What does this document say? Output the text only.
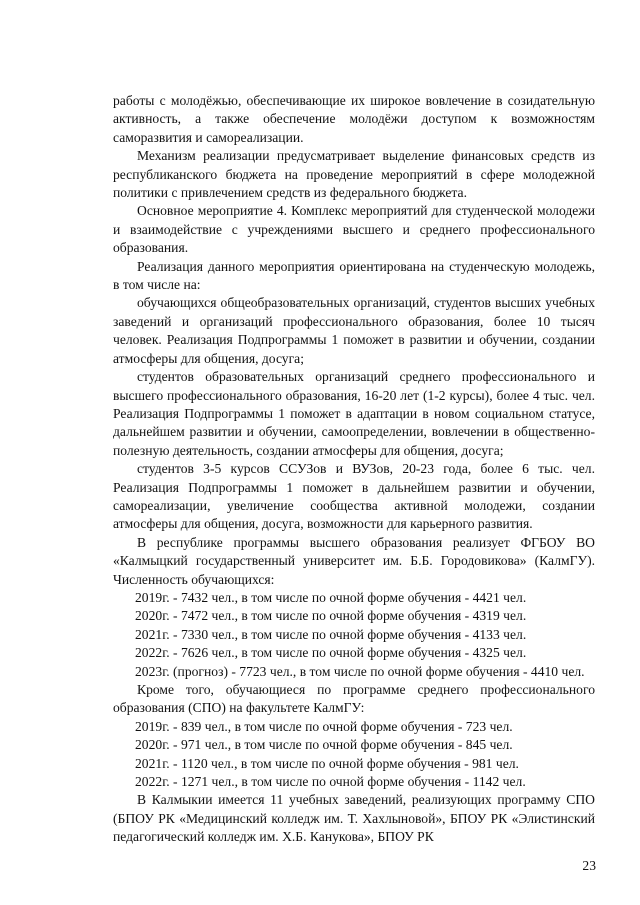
работы с молодёжью, обеспечивающие их широкое вовлечение в созидательную активность, а также обеспечение молодёжи доступом к возможностям саморазвития и самореализации.

Механизм реализации предусматривает выделение финансовых средств из республиканского бюджета на проведение мероприятий в сфере молодежной политики с привлечением средств из федерального бюджета.

Основное мероприятие 4. Комплекс мероприятий для студенческой молодежи и взаимодействие с учреждениями высшего и среднего профессионального образования.

Реализация данного мероприятия ориентирована на студенческую молодежь, в том числе на:

обучающихся общеобразовательных организаций, студентов высших учебных заведений и организаций профессионального образования, более 10 тысяч человек. Реализация Подпрограммы 1 поможет в развитии и обучении, создании атмосферы для общения, досуга;

студентов образовательных организаций среднего профессионального и высшего профессионального образования, 16-20 лет (1-2 курсы), более 4 тыс. чел. Реализация Подпрограммы 1 поможет в адаптации в новом социальном статусе, дальнейшем развитии и обучении, самоопределении, вовлечении в общественно-полезную деятельность, создании атмосферы для общения, досуга;

студентов 3-5 курсов ССУЗов и ВУЗов, 20-23 года, более 6 тыс. чел. Реализация Подпрограммы 1 поможет в дальнейшем развитии и обучении, самореализации, увеличение сообщества активной молодежи, создании атмосферы для общения, досуга, возможности для карьерного развития.

В республике программы высшего образования реализует ФГБОУ ВО «Калмыцкий государственный университет им. Б.Б. Городовикова» (КалмГУ). Численность обучающихся:

2019г. - 7432 чел., в том числе по очной форме обучения - 4421 чел.

2020г. - 7472 чел., в том числе по очной форме обучения - 4319 чел.

2021г. - 7330 чел., в том числе по очной форме обучения - 4133 чел.

2022г. - 7626 чел., в том числе по очной форме обучения - 4325 чел.

2023г. (прогноз) - 7723 чел., в том числе по очной форме обучения - 4410 чел.

Кроме того, обучающиеся по программе среднего профессионального образования (СПО) на факультете КалмГУ:

2019г. - 839 чел., в том числе по очной форме обучения - 723 чел.

2020г. - 971 чел., в том числе по очной форме обучения - 845 чел.

2021г. - 1120 чел., в том числе по очной форме обучения - 981 чел.

2022г. - 1271 чел., в том числе по очной форме обучения - 1142 чел.

В Калмыкии имеется 11 учебных заведений, реализующих программу СПО (БПОУ РК «Медицинский колледж им. Т. Хахлыновой», БПОУ РК «Элистинский педагогический колледж им. Х.Б. Канукова», БПОУ РК

23
